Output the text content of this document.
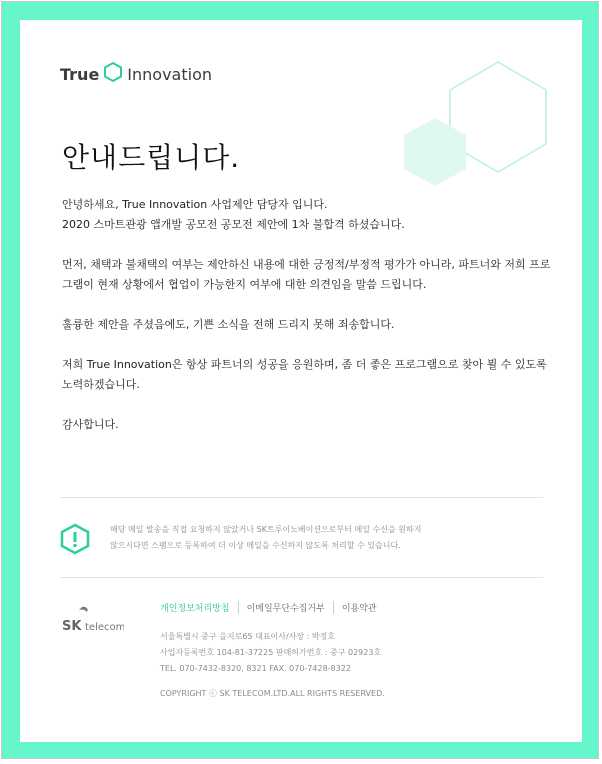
True Innovation
안내드립니다.

안녕하세요, True Innovation 사업제안 담당자 입니다.
2020 스마트관광 앱개발 공모전 공모전 제안에 1차 불합격 하셨습니다.

먼저, 채택과 불채택의 여부는 제안하신 내용에 대한 긍정적/부정적 평가가 아니라, 파트너와 저희 프로그램이 현재 상황에서 협업이 가능한지 여부에 대한 의견임을 말씀 드립니다.

훌륭한 제안을 주셨음에도, 기쁜 소식을 전해 드리지 못해 죄송합니다.

저희 True Innovation은 항상 파트너의 성공을 응원하며, 좀 더 좋은 프로그램으로 찾아 뵐 수 있도록 노력하겠습니다.

감사합니다.

해당 메일 발송을 직접 요청하지 않았거나 SK트루이노베이션으로부터 메일 수신을 원하지
않으시다면 스팸으로 등록하여 더 이상 메일을 수신하지 않도록 처리할 수 있습니다.
SK telecom
개인정보처리방침	이메일무단수집거부	이용약관
서울특별시 중구 을지로65 대표이사/사장 : 박정호
사업자등록번호 104-81-37225 판매허가번호 : 중구 02923호
TEL. 070-7432-8320, 8321 FAX. 070-7428-8322
COPYRIGHT ⓒ SK TELECOM.LTD.ALL RIGHTS RESERVED.
